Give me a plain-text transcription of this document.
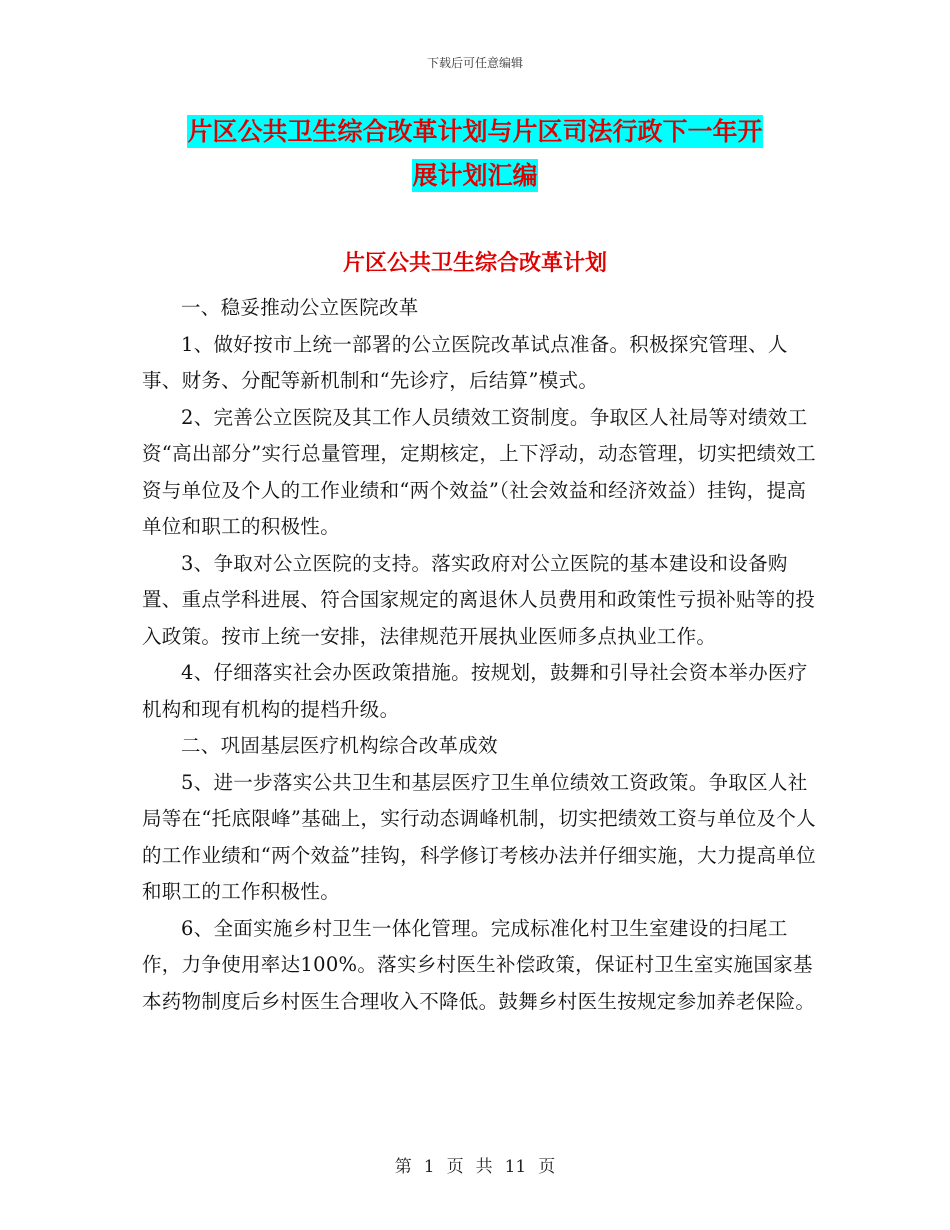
下载后可任意编辑
片区公共卫生综合改革计划与片区司法行政下一年开
展计划汇编
片区公共卫生综合改革计划

一、稳妥推动公立医院改革

1、做好按市上统一部署的公立医院改革试点准备。积极探究管理、人事、财务、分配等新机制和“先诊疗，后结算”模式。

2、完善公立医院及其工作人员绩效工资制度。争取区人社局等对绩效工资“高出部分”实行总量管理，定期核定，上下浮动，动态管理，切实把绩效工资与单位及个人的工作业绩和“两个效益”（社会效益和经济效益）挂钩，提高单位和职工的积极性。

3、争取对公立医院的支持。落实政府对公立医院的基本建设和设备购置、重点学科进展、符合国家规定的离退休人员费用和政策性亏损补贴等的投入政策。按市上统一安排，法律规范开展执业医师多点执业工作。

4、仔细落实社会办医政策措施。按规划，鼓舞和引导社会资本举办医疗机构和现有机构的提档升级。

二、巩固基层医疗机构综合改革成效

5、进一步落实公共卫生和基层医疗卫生单位绩效工资政策。争取区人社局等在“托底限峰”基础上，实行动态调峰机制，切实把绩效工资与单位及个人的工作业绩和“两个效益”挂钩，科学修订考核办法并仔细实施，大力提高单位和职工的工作积极性。

6、全面实施乡村卫生一体化管理。完成标准化村卫生室建设的扫尾工作，力争使用率达100%。落实乡村医生补偿政策，保证村卫生室实施国家基本药物制度后乡村医生合理收入不降低。鼓舞乡村医生按规定参加养老保险。

第 1 页 共 11 页
